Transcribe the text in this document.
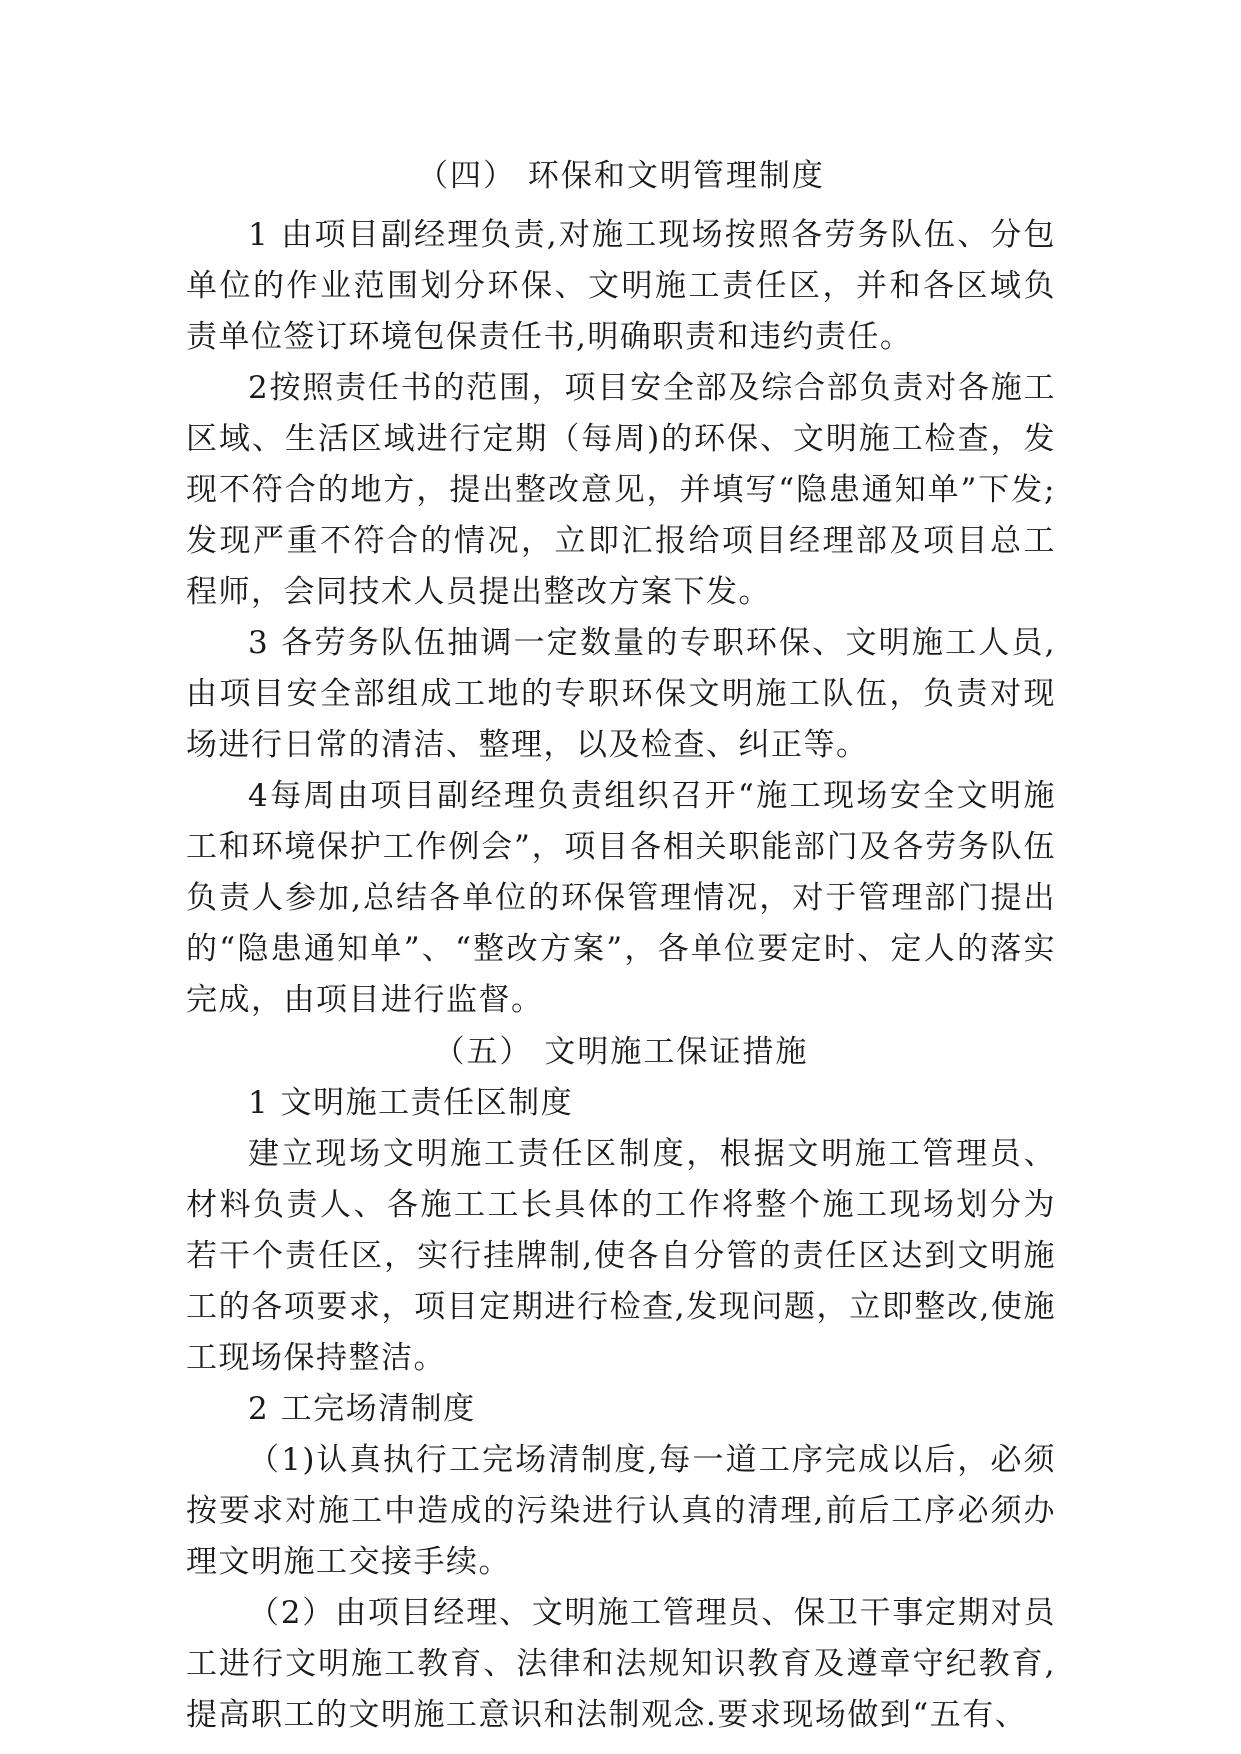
（四） 环保和文明管理制度

1 由项目副经理负责,对施工现场按照各劳务队伍、分包单位的作业范围划分环保、文明施工责任区，并和各区域负责单位签订环境包保责任书,明确职责和违约责任。

2按照责任书的范围，项目安全部及综合部负责对各施工区域、生活区域进行定期（每周)的环保、文明施工检查，发现不符合的地方，提出整改意见，并填写“隐患通知单”下发;发现严重不符合的情况，立即汇报给项目经理部及项目总工程师，会同技术人员提出整改方案下发。

3 各劳务队伍抽调一定数量的专职环保、文明施工人员,由项目安全部组成工地的专职环保文明施工队伍，负责对现场进行日常的清洁、整理，以及检查、纠正等。

4每周由项目副经理负责组织召开“施工现场安全文明施工和环境保护工作例会”，项目各相关职能部门及各劳务队伍负责人参加,总结各单位的环保管理情况，对于管理部门提出的“隐患通知单”、“整改方案”，各单位要定时、定人的落实完成，由项目进行监督。

（五） 文明施工保证措施

1 文明施工责任区制度

建立现场文明施工责任区制度，根据文明施工管理员、材料负责人、各施工工长具体的工作将整个施工现场划分为若干个责任区，实行挂牌制,使各自分管的责任区达到文明施工的各项要求，项目定期进行检查,发现问题，立即整改,使施工现场保持整洁。

2 工完场清制度

（1)认真执行工完场清制度,每一道工序完成以后，必须按要求对施工中造成的污染进行认真的清理,前后工序必须办理文明施工交接手续。

（2）由项目经理、文明施工管理员、保卫干事定期对员工进行文明施工教育、法律和法规知识教育及遵章守纪教育,提高职工的文明施工意识和法制观念.要求现场做到“五有、
